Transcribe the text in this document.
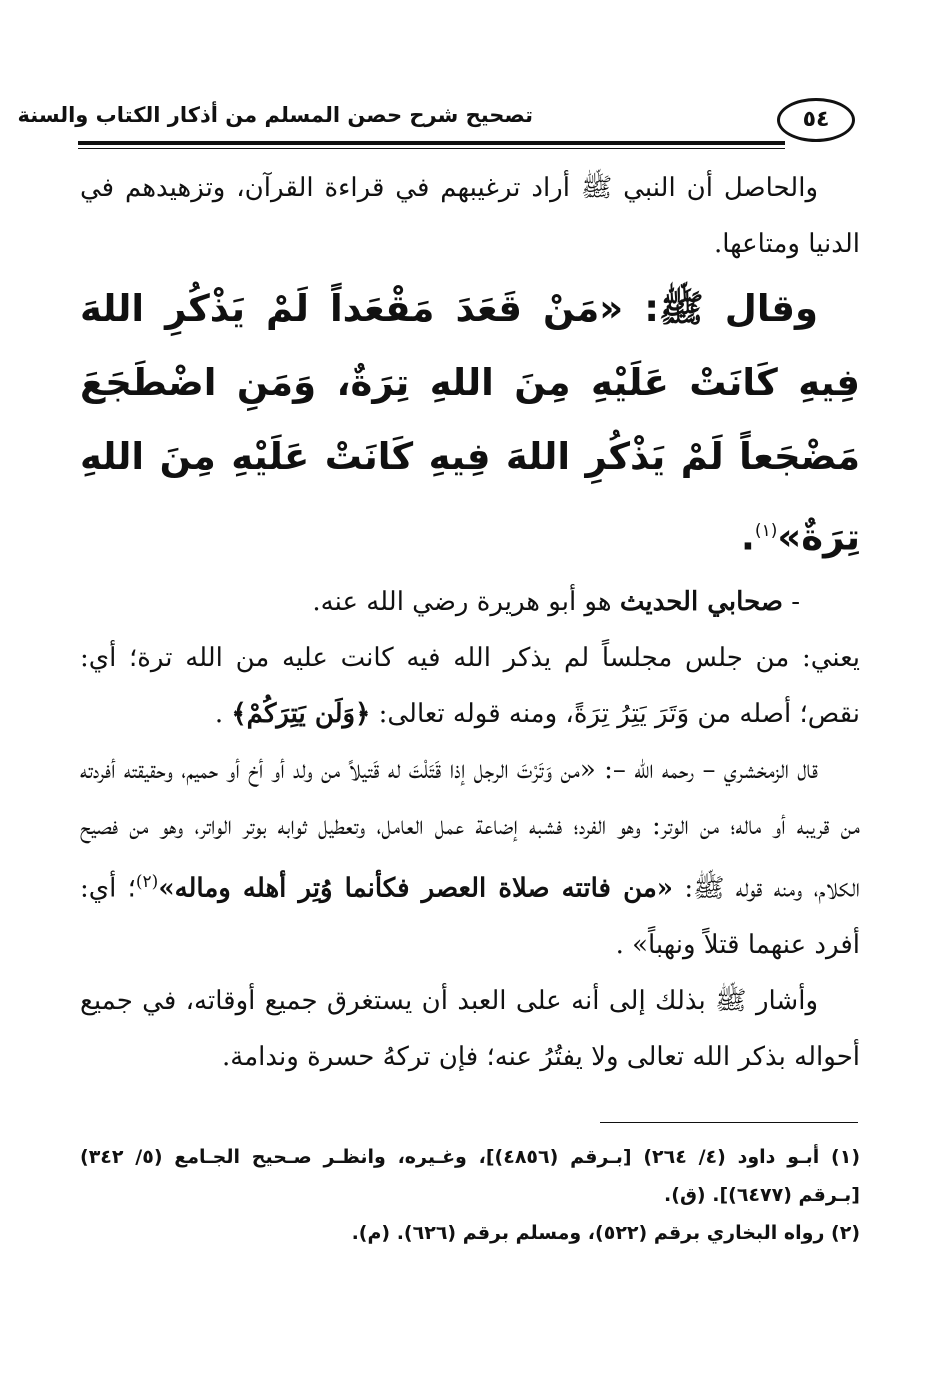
تصحيح شرح حصن المسلم من أذكار الكتاب والسنة	٥٤

والحاصل أن النبي ﷺ أراد ترغيبهم في قراءة القرآن، وتزهيدهم في الدنيا ومتاعها.

وقال ﷺ: «مَنْ قَعَدَ مَقْعَداً لَمْ يَذْكُرِ اللهَ فِيهِ كَانَتْ عَلَيْهِ مِنَ اللهِ تِرَةٌ، وَمَنِ اضْطَجَعَ مَضْجَعاً لَمْ يَذْكُرِ اللهَ فِيهِ كَانَتْ عَلَيْهِ مِنَ اللهِ تِرَةٌ»$^{(١)}$.

- صحابي الحديث هو أبو هريرة رضي الله عنه.

يعني: من جلس مجلساً لم يذكر الله فيه كانت عليه من الله ترة؛ أي: نقص؛ أصله من وَتَرَ يَتِرُ تِرَةً، ومنه قوله تعالى: ﴿وَلَن يَتِرَكُمْ﴾ .

قال الزمخشري – رحمه الله –: «من وَتَرْتَ الرجل إذا قَتَلْتَ له قَتيلاً من ولد أو أخ أو حميم، وحقيقته أفردته من قريبه أو ماله؛ من الوتر: وهو الفرد؛ فشبه إضاعة عمل العامل، وتعطيل ثوابه بوتر الواتر، وهو من فصيح الكلام، ومنه قوله ﷺ: «من فاتته صلاة العصر فكأنما وُتِر أهله وماله»$^{(٢)}$؛ أي: أفرد عنهما قتلاً ونهباً» .

وأشار ﷺ بذلك إلى أنه على العبد أن يستغرق جميع أوقاته، في جميع أحواله بذكر الله تعالى ولا يفتُرُ عنه؛ فإن تركهُ حسرة وندامة.

(١) أبـو داود (٤/ ٢٦٤) [بـرقم (٤٨٥٦)]، وغـيره، وانظـر صـحيح الجـامع (٥/ ٣٤٢) [بـرقم (٦٤٧٧)]. (ق).

(٢) رواه البخاري برقم (٥٢٢)، ومسلم برقم (٦٢٦). (م).
